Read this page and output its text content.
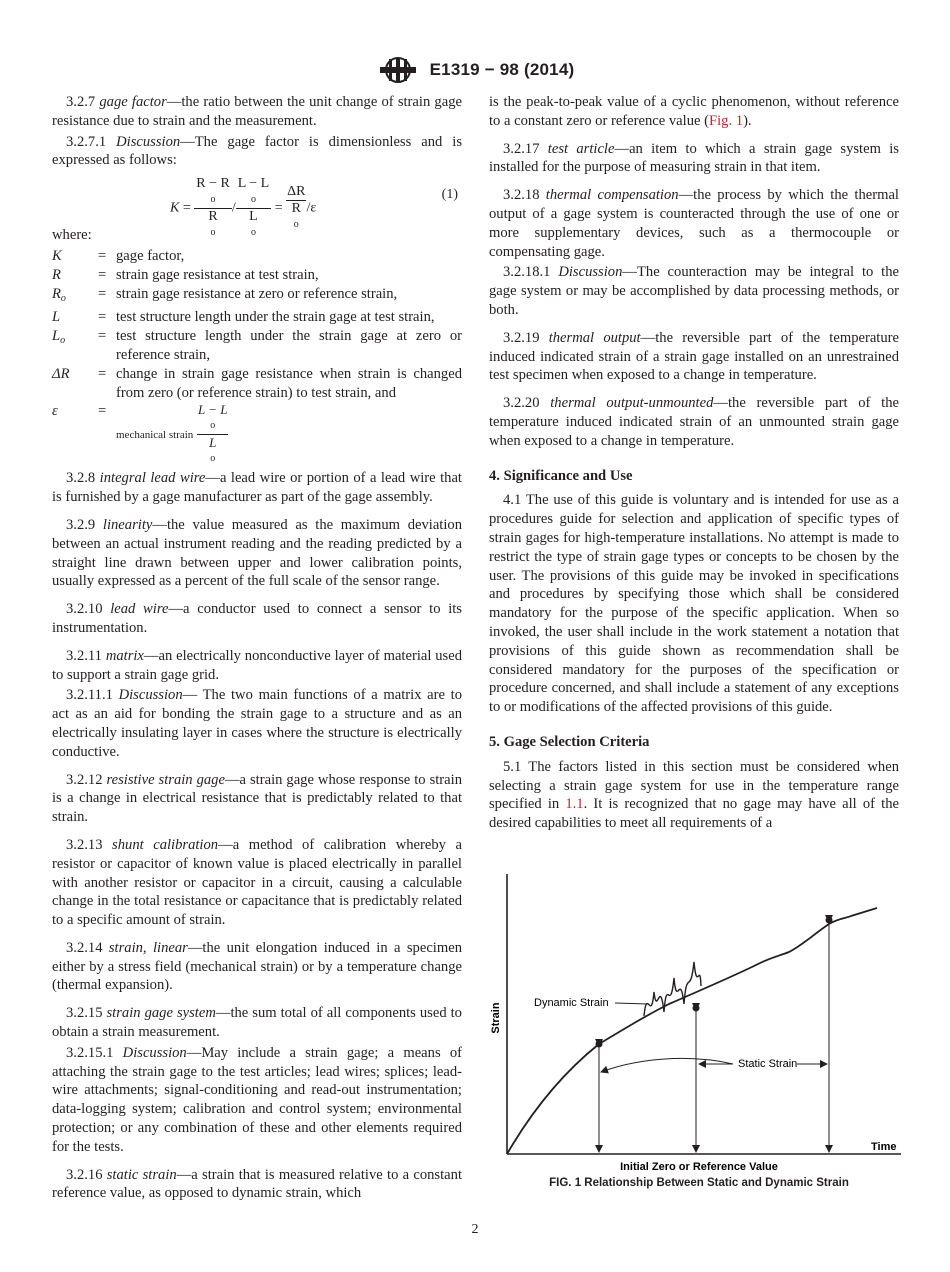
E1319 − 98 (2014)

3.2.7 gage factor—the ratio between the unit change of strain gage resistance due to strain and the measurement.

3.2.7.1 Discussion—The gage factor is dimensionless and is expressed as follows:

K = R − R
o
R
o / L − L
o
L
o = ΔR
R
o /ε
(1)

where:

K	=	gage factor,
R	=	strain gage resistance at test strain,
$R_o$	=	strain gage resistance at zero or reference strain,
L	=	test structure length under the strain gage at test strain,
$L_o$	=	test structure length under the strain gage at zero or reference strain,
ΔR	=	change in strain gage resistance when strain is changed from zero (or reference strain) to test strain, and
ε	=	mechanical strain L − L
o
L
o

3.2.8 integral lead wire—a lead wire or portion of a lead wire that is furnished by a gage manufacturer as part of the gage assembly.

3.2.9 linearity—the value measured as the maximum deviation between an actual instrument reading and the reading predicted by a straight line drawn between upper and lower calibration points, usually expressed as a percent of the full scale of the sensor range.

3.2.10 lead wire—a conductor used to connect a sensor to its instrumentation.

3.2.11 matrix—an electrically nonconductive layer of material used to support a strain gage grid.

3.2.11.1 Discussion— The two main functions of a matrix are to act as an aid for bonding the strain gage to a structure and as an electrically insulating layer in cases where the structure is electrically conductive.

3.2.12 resistive strain gage—a strain gage whose response to strain is a change in electrical resistance that is predictably related to that strain.

3.2.13 shunt calibration—a method of calibration whereby a resistor or capacitor of known value is placed electrically in parallel with another resistor or capacitor in a circuit, causing a calculable change in the total resistance or capacitance that is predictably related to a specific amount of strain.

3.2.14 strain, linear—the unit elongation induced in a specimen either by a stress field (mechanical strain) or by a temperature change (thermal expansion).

3.2.15 strain gage system—the sum total of all components used to obtain a strain measurement.

3.2.15.1 Discussion—May include a strain gage; a means of attaching the strain gage to the test articles; lead wires; splices; lead-wire attachments; signal-conditioning and read-out instrumentation; data-logging system; calibration and control system; environmental protection; or any combination of these and other elements required for the tests.

3.2.16 static strain—a strain that is measured relative to a constant reference value, as opposed to dynamic strain, which

is the peak-to-peak value of a cyclic phenomenon, without reference to a constant zero or reference value (Fig. 1).

3.2.17 test article—an item to which a strain gage system is installed for the purpose of measuring strain in that item.

3.2.18 thermal compensation—the process by which the thermal output of a gage system is counteracted through the use of one or more supplementary devices, such as a thermocouple or compensating gage.

3.2.18.1 Discussion—The counteraction may be integral to the gage system or may be accomplished by data processing methods, or both.

3.2.19 thermal output—the reversible part of the temperature induced indicated strain of a strain gage installed on an unrestrained test specimen when exposed to a change in temperature.

3.2.20 thermal output-unmounted—the reversible part of the temperature induced indicated strain of an unmounted strain gage when exposed to a change in temperature.

4. Significance and Use

4.1 The use of this guide is voluntary and is intended for use as a procedures guide for selection and application of specific types of strain gages for high-temperature installations. No attempt is made to restrict the type of strain gage types or concepts to be chosen by the user. The provisions of this guide may be invoked in specifications and procedures by specifying those which shall be considered mandatory for the purpose of the specific application. When so invoked, the user shall include in the work statement a notation that provisions of this guide shown as recommendation shall be considered mandatory for the purposes of the specification or procedure concerned, and shall include a statement of any exceptions to or modifications of the affected provisions of this guide.

5. Gage Selection Criteria

5.1 The factors listed in this section must be considered when selecting a strain gage system for use in the temperature range specified in 1.1. It is recognized that no gage may have all of the desired capabilities to meet all requirements of a

Strain
Time
Dynamic Strain
Static Strain
Initial Zero or Reference Value
FIG. 1 Relationship Between Static and Dynamic Strain
2
